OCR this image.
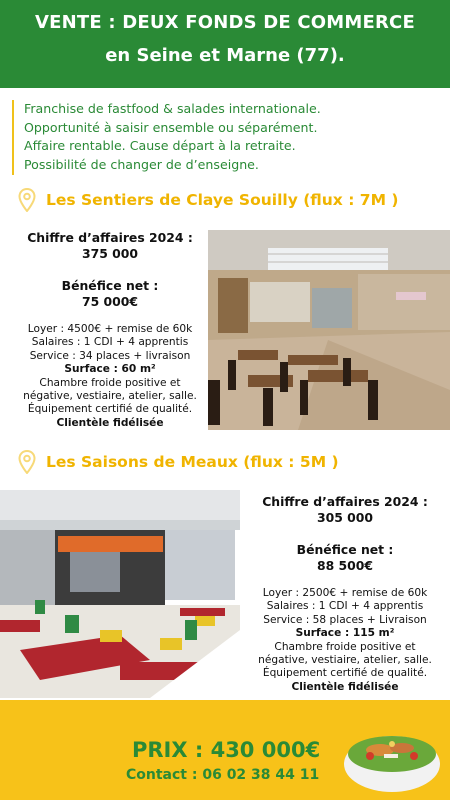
VENTE : DEUX FONDS DE COMMERCE
en Seine et Marne (77).
Franchise de fastfood & salades internationale.
Opportunité à saisir ensemble ou séparément.
Affaire rentable. Cause départ à la retraite.
Possibilité de changer de d’enseigne.
Les Sentiers de Claye Souilly (flux : 7M )
Chiffre d’affaires 2024 :
375 000
Bénéfice net :
75 000€
Loyer : 4500€ + remise de 60k
Salaires : 1 CDI + 4 apprentis
Service : 34 places + livraison
Surface : 60 m²
Chambre froide positive et
négative, vestiaire, atelier, salle.
Équipement certifié de qualité.
Clientèle fidélisée
Les Saisons de Meaux (flux : 5M )
Chiffre d’affaires 2024 :
305 000
Bénéfice net :
88 500€
Loyer : 2500€ + remise de 60k
Salaires : 1 CDI + 4 apprentis
Service : 58 places + Livraison
Surface : 115 m²
Chambre froide positive et
négative, vestiaire, atelier, salle.
Équipement certifié de qualité.
Clientèle fidélisée
PRIX : 430 000€
Contact : 06 02 38 44 11
